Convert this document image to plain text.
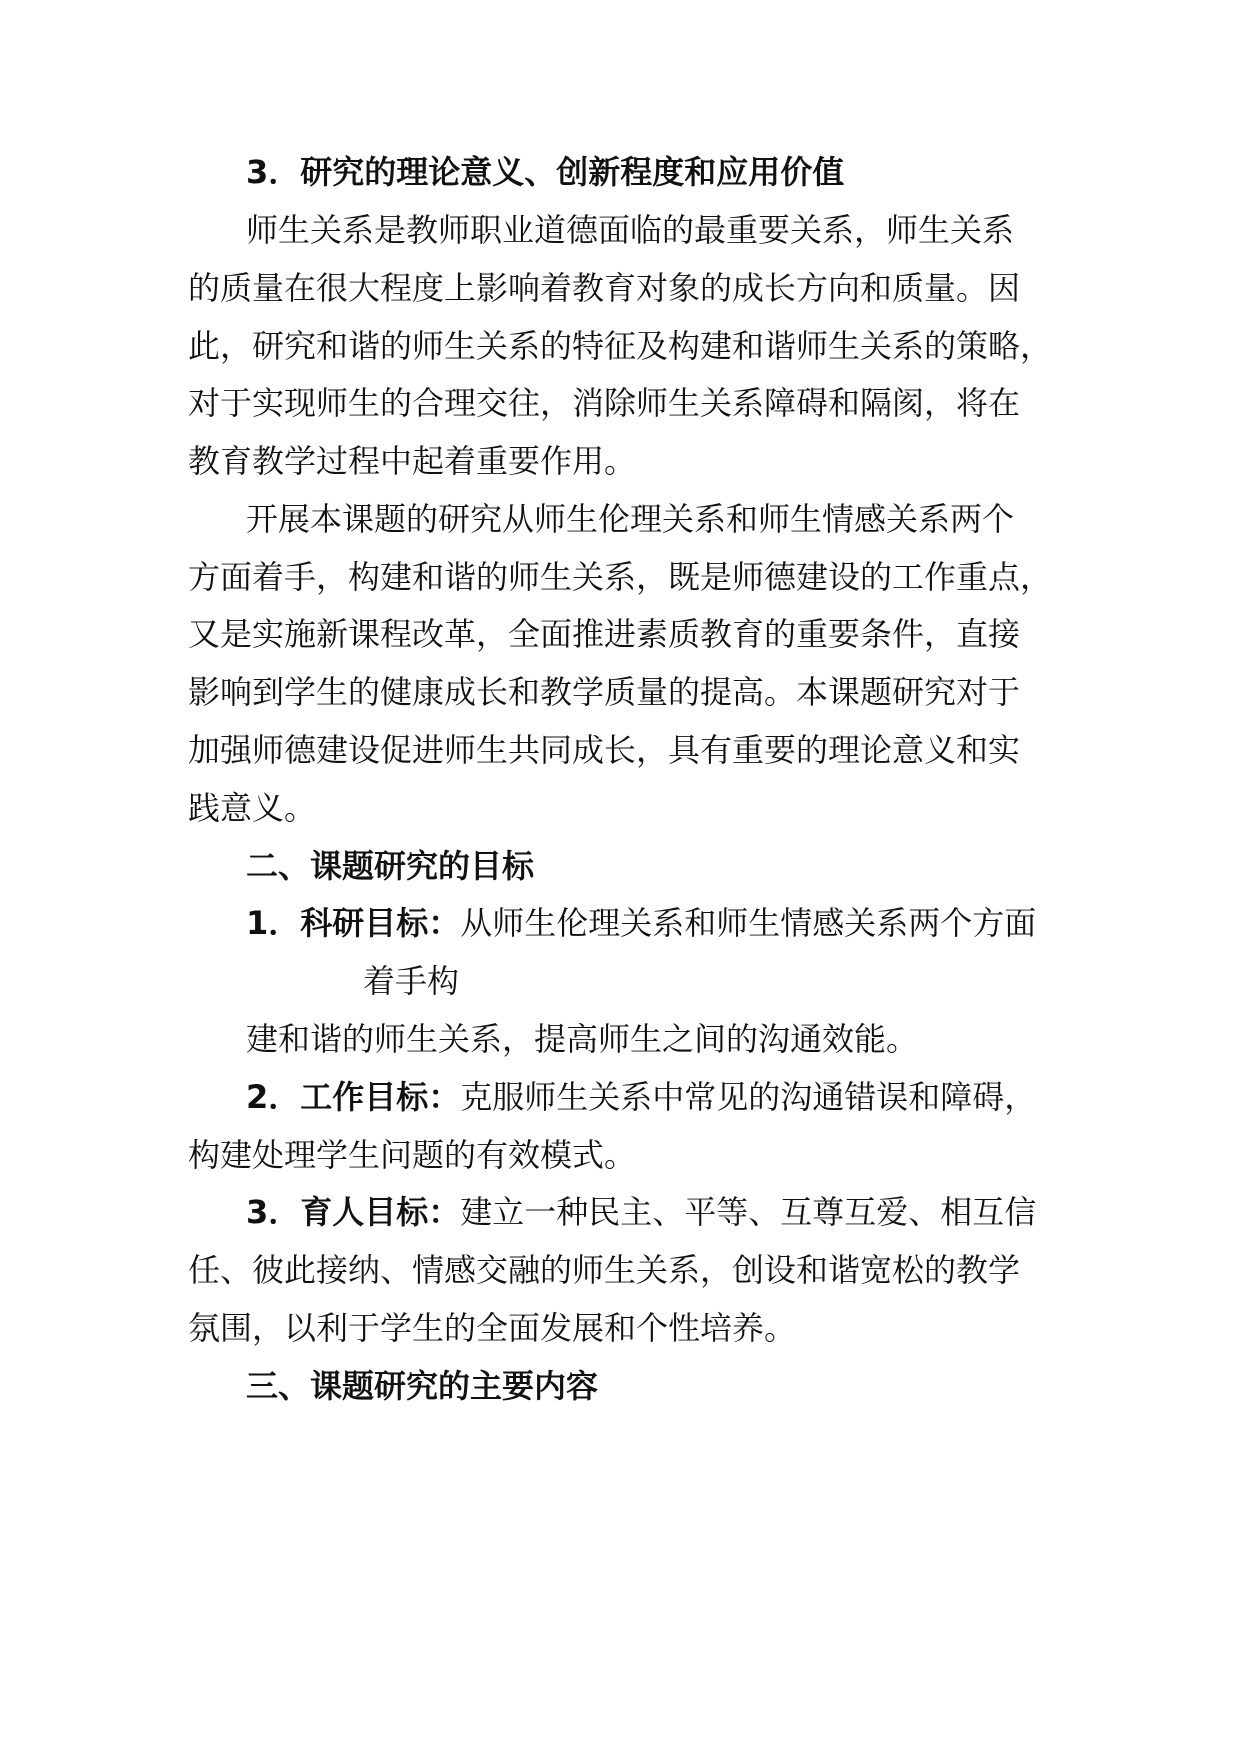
3．研究的理论意义、创新程度和应用价值
师生关系是教师职业道德面临的最重要关系，师生关系
的质量在很大程度上影响着教育对象的成长方向和质量。因
此，研究和谐的师生关系的特征及构建和谐师生关系的策略，
对于实现师生的合理交往，消除师生关系障碍和隔阂，将在
教育教学过程中起着重要作用。
开展本课题的研究从师生伦理关系和师生情感关系两个
方面着手，构建和谐的师生关系，既是师德建设的工作重点，
又是实施新课程改革，全面推进素质教育的重要条件，直接
影响到学生的健康成长和教学质量的提高。本课题研究对于
加强师德建设促进师生共同成长，具有重要的理论意义和实
践意义。
二、课题研究的目标
1．科研目标：从师生伦理关系和师生情感关系两个方面
着手构
建和谐的师生关系，提高师生之间的沟通效能。
2．工作目标：克服师生关系中常见的沟通错误和障碍，
构建处理学生问题的有效模式。
3．育人目标：建立一种民主、平等、互尊互爱、相互信
任、彼此接纳、情感交融的师生关系，创设和谐宽松的教学
氛围，以利于学生的全面发展和个性培养。
三、课题研究的主要内容
